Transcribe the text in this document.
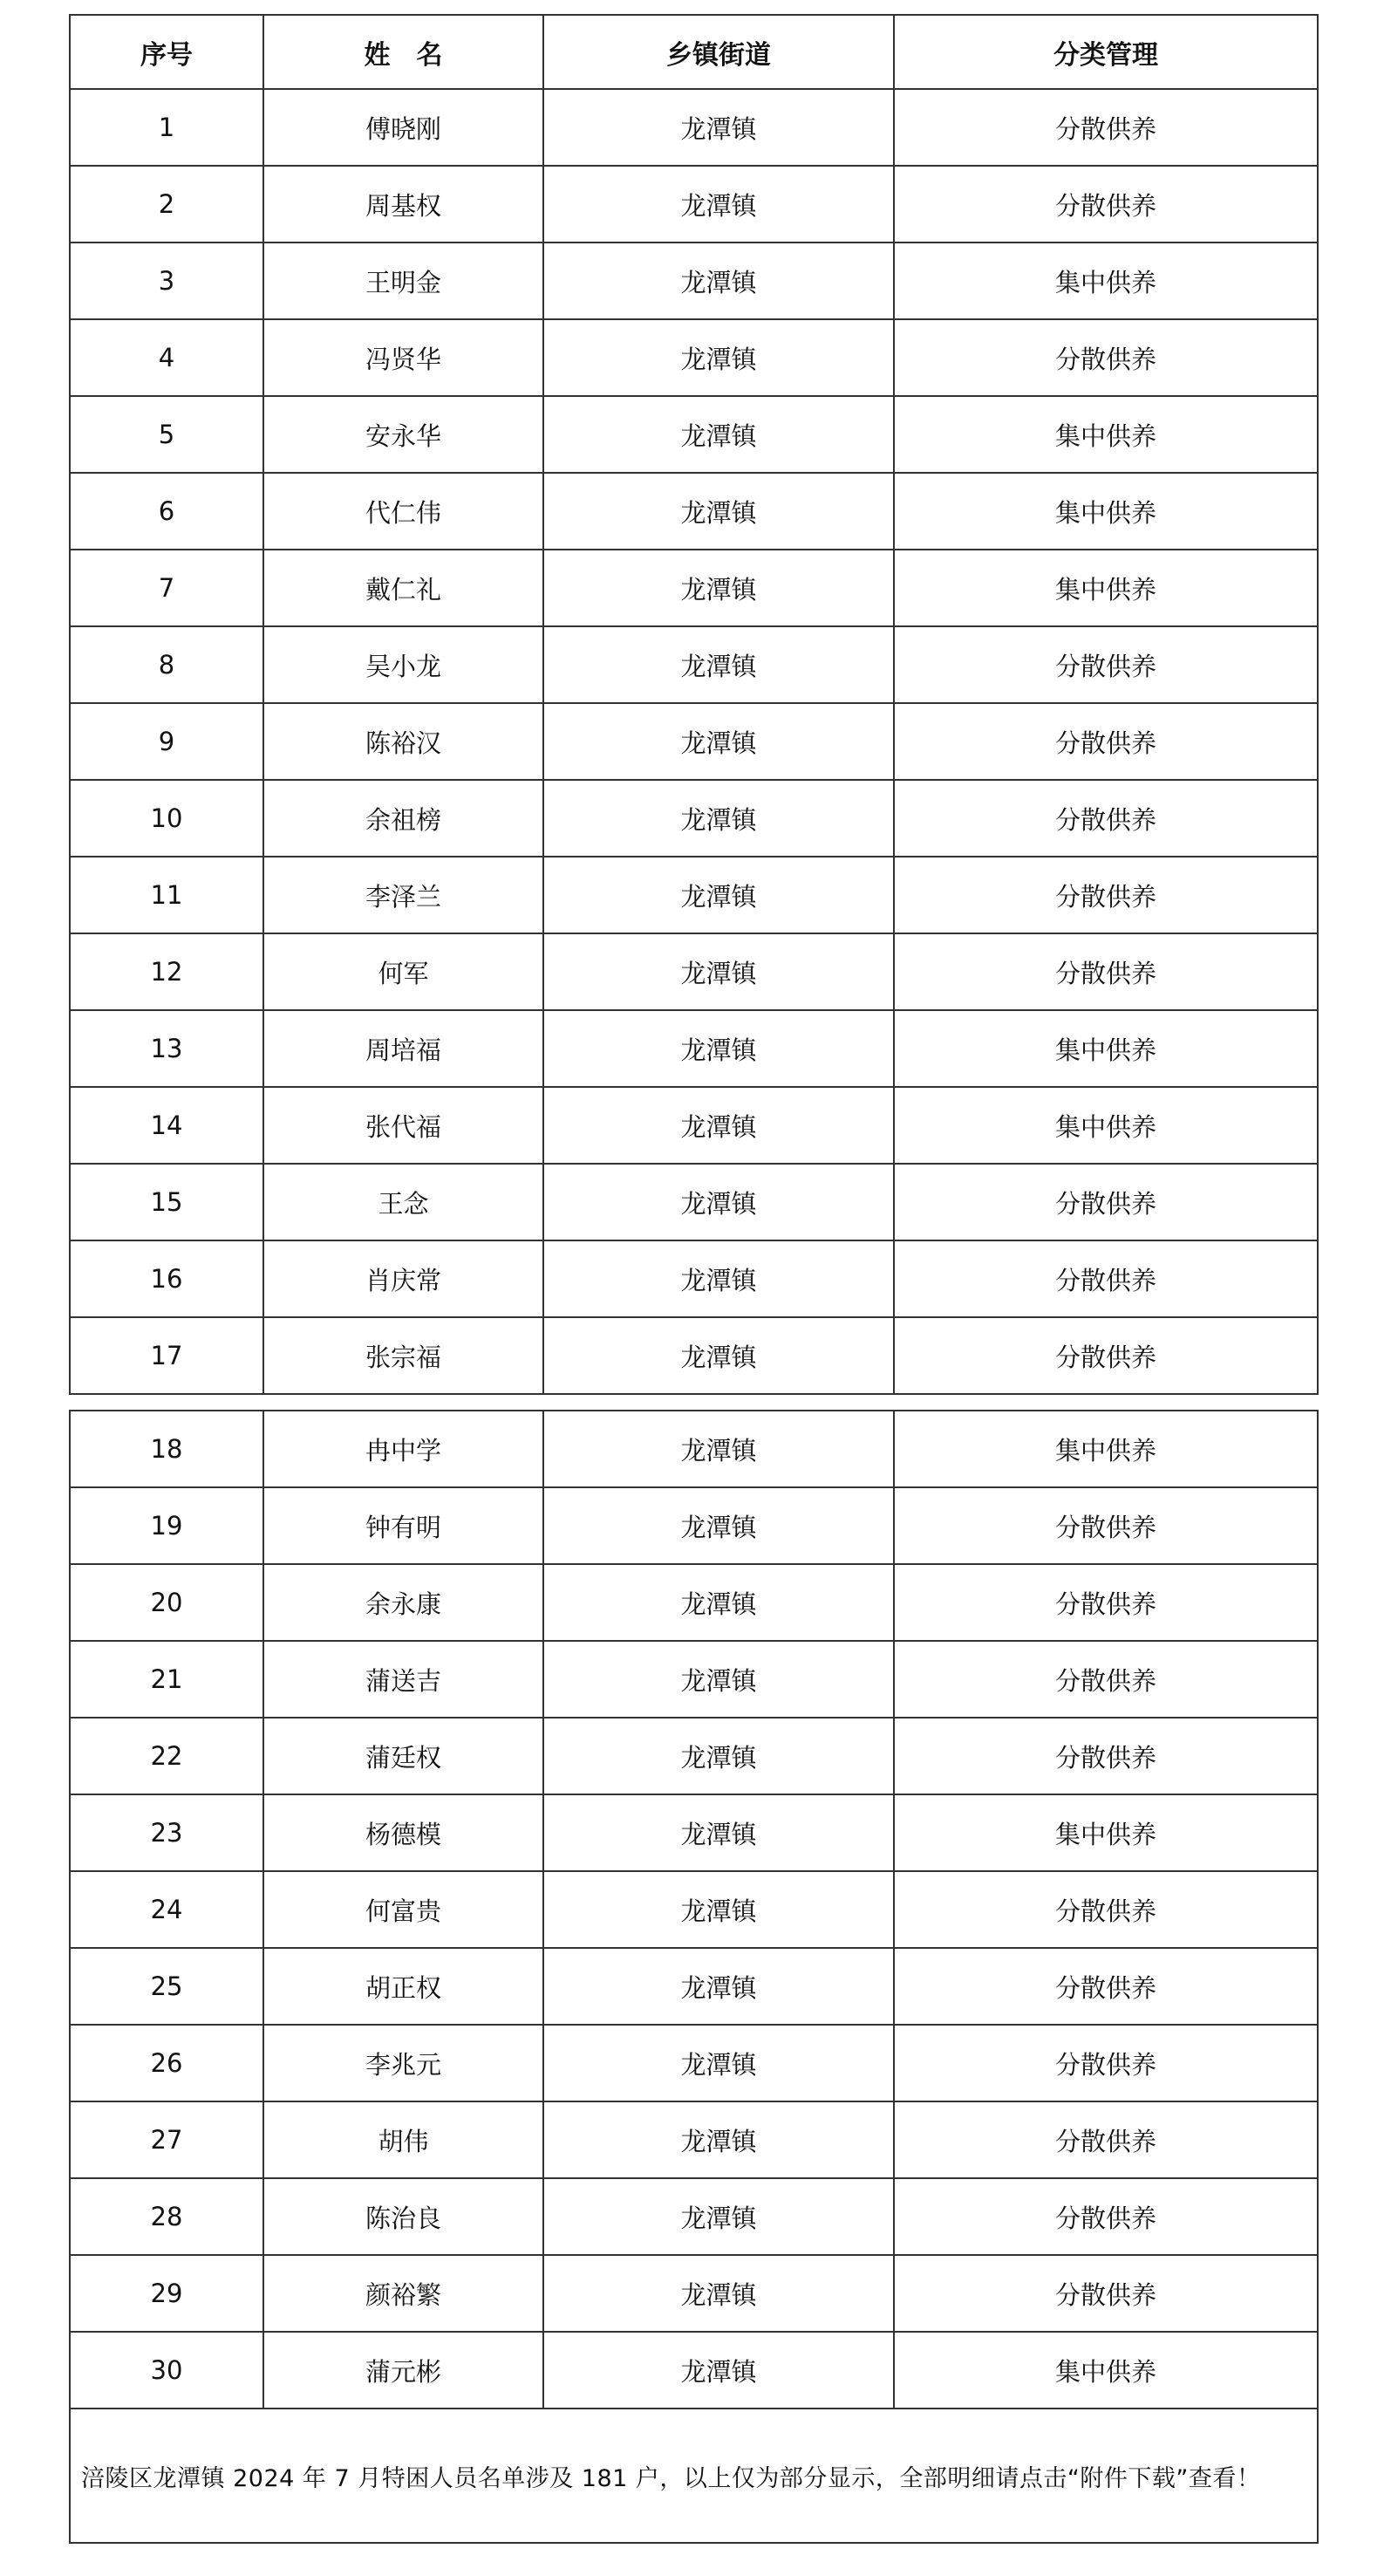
序号	姓　名	乡镇街道	分类管理
1	傅晓刚	龙潭镇	分散供养
2	周基权	龙潭镇	分散供养
3	王明金	龙潭镇	集中供养
4	冯贤华	龙潭镇	分散供养
5	安永华	龙潭镇	集中供养
6	代仁伟	龙潭镇	集中供养
7	戴仁礼	龙潭镇	集中供养
8	吴小龙	龙潭镇	分散供养
9	陈裕汉	龙潭镇	分散供养
10	余祖榜	龙潭镇	分散供养
11	李泽兰	龙潭镇	分散供养
12	何军	龙潭镇	分散供养
13	周培福	龙潭镇	集中供养
14	张代福	龙潭镇	集中供养
15	王念	龙潭镇	分散供养
16	肖庆常	龙潭镇	分散供养
17	张宗福	龙潭镇	分散供养
18	冉中学	龙潭镇	集中供养
19	钟有明	龙潭镇	分散供养
20	余永康	龙潭镇	分散供养
21	蒲送吉	龙潭镇	分散供养
22	蒲廷权	龙潭镇	分散供养
23	杨德模	龙潭镇	集中供养
24	何富贵	龙潭镇	分散供养
25	胡正权	龙潭镇	分散供养
26	李兆元	龙潭镇	分散供养
27	胡伟	龙潭镇	分散供养
28	陈治良	龙潭镇	分散供养
29	颜裕繁	龙潭镇	分散供养
30	蒲元彬	龙潭镇	集中供养
涪陵区龙潭镇 2024 年 7 月特困人员名单涉及 181 户，以上仅为部分显示，全部明细请点击“附件下载”查看！			
